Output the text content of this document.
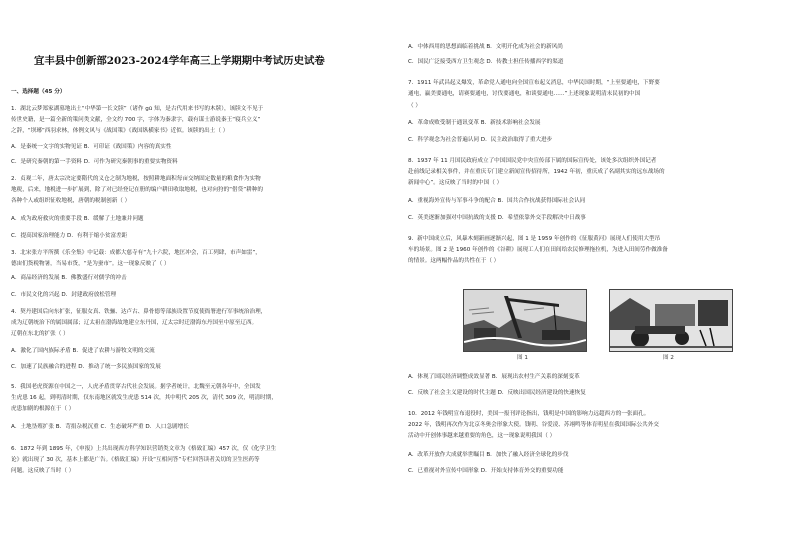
宜丰县中创新部2023-2024学年高三上学期期中考试历史试卷
一、选择题（45 分）
1．湖北云梦郑家湖墓地出土“中华第一长文牍”（诸作 gū 知，是古代用来书写的木牍），该牍文不见于
传世史籍，是一篇全新的策问类文献，全文约 700 字，字体为秦隶字，载有谋士游说秦王“寝兵立义”
之辞，“坝琊”西羽求林，体例文风与《战国策》《战国纵横家书》近似。该牍的出土（ ）
A．是秦统一文字的实物见证 B．可印证《战国策》内容的真实性
C．是研究秦朝的第一手资料 D．可作为研究秦朝事的重要实物资料
2．贞观二年，唐太宗决定要隋代的义仓之制为地税，按照耕地面积每亩交纳固定数量的粮食作为实物
地税，后来，地税进一步扩展到，除了对已经登记在册的编户耕田收取地税，也对向狩的“借贷”耕种的
各种个人或组织征收地税，唐朝的税制创新（ ）
A．成为政府救灾的重要手段 B．缓解了土地兼并问题
C．提高国家治理能力 D．有利于缩小贫富差距
3．北宋张方平所撰《乐全集》中记载：成都大慈寺有“九十六院，地匡冲会，百工列肆，市声如雷”，
德宙们货税物暑，当易市货，“是为蚕市”。这一现象反映了（ ）
A．商品经济的发展 B．佛教盛行对儒学的冲击
C．市民文化的兴起 D．封建政府放松管理
4．契丹建国后向东扩张，征服女真、铁骊、达卢古、鼻骨德等部族设置节度使衙署进行军事统治治理，
成为辽朝统治下的属国属部；辽太祖在渤海故地建立东丹国，辽太宗时迁渤海东丹国至中原至辽西。
辽朝在东北的扩张（ ）
A．激化了国内族际矛盾 B．促进了农耕与游牧文明的交流
C．加速了民族融合的进程 D．推动了统一多民族国家的发展
5．我国老虎资源在中国之一，人虎矛盾贯穿古代社会发展。据学者统计，北魏至元朝各年中，全国发
生虎患 16 起，到明清时期，仅东南地区就发生虎患 514 次，其中明代 205 次，清代 309 次，明清时期，
虎患加剧的根源在于（ ）
A．土地垦殖扩张 B．苛捐杂税沉重 C．生态破坏严重 D．人口急剧增长
6．1872 年到 1895 年，《申报》上共出现西方科学知识营销类文章为《格致汇编》457 次，仅《化学卫生
论》就出现了 30 次，基本上都是广告。《格致汇编》开设“互相问答”专栏回答读者关切的卫生医药等
问题。这反映了当时（ ）
A．中体西用的思想面临着挑战 B．文明开化成为社会的新风尚
C．国民广泛接受西方卫生观念 D．传教士担任传播西学的渠道
7．1911 年武昌起义爆发，革命党人通电向全国宣布起义消息，中华民国时期，“上至要通电，下野要
通电，赢美要通电，请赛要通电，讨伐要通电，和谈要通电……”上述现象说明清末民初的中国
（ ）
A．革命成败受制于通讯变革 B．新技术影响社会发展
C．科学观念为社会普遍认同 D．民主政治取得了重大进步
8．1937 年 11 月国民政府成立了中国国民党中央宣传部下属的国际宣传处，该处多次组织外国记者
赴前线记录相关事件，并在重庆专门建立新闻宣传招待所，1942 年初，重庆成了名副其实的远东战场的
新闻中心”。这反映了当时的中国（ ）
A．重视海外宣传与军事斗争的配合 B．国共合作抗战获得国际社会认同
C．英美逐渐加强对中国抗战的支援 D．希望依靠外交手段解决中日战事
9．新中国成立后，风暴木刻新画逐渐兴起，图 1 是 1959 年创作的《征服黄河》展现人们使用大型吊
车的场景。图 2 是 1960 年创作的《谷耕》展现工人们在田间给农民修理拖拉机，为进入田间劳作做准备
的情景。这两幅作品的共性在于（ ）
图 1	图 2
A．体现了国民经济调整成效显著 B．展现出农村生产关系的深刻变革
C．反映了社会主义建设的时代主题 D．反映出国民经济建设的快速恢复
10．2012 年钱明宣布退役时，美国一报刊评论指出，钱明是中国的影响力远超西方的一张面孔。
2022 年，钱明再次作为北京冬奥会形象大使。钱明、谷爱凌、苏翊鸣等体育明星在我国国际公共外交
活动中开创体事越来越重要的角色，这一现象说明我国（ ）
A．改革开放作大成就举世瞩目 B．加快了融入经济全球化的步伐
C．已重视对外宣传中国形象 D．开始支持体育外交的重要功能
